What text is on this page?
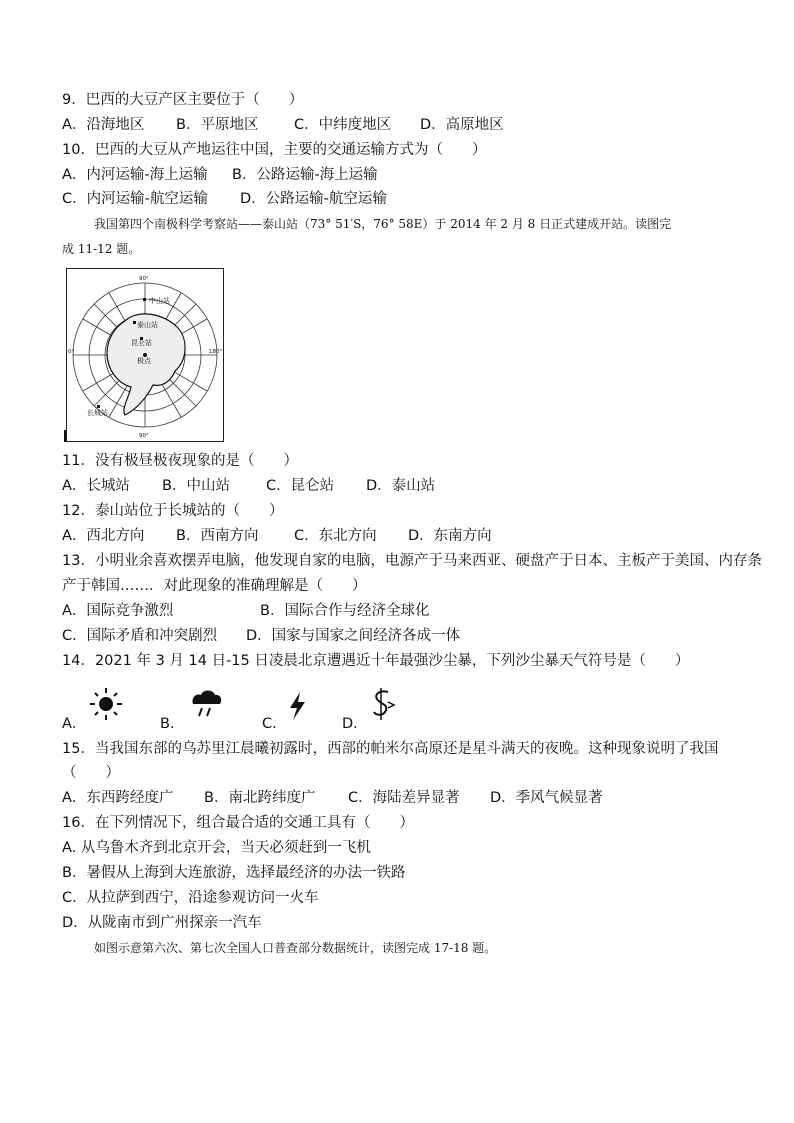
9．巴西的大豆产区主要位于（　　）
A．沿海地区 B．平原地区 C．中纬度地区 D．高原地区
10．巴西的大豆从产地运往中国，主要的交通运输方式为（　　）
A．内河运输-海上运输 B．公路运输-海上运输
C．内河运输-航空运输 D．公路运输-航空运输
我国第四个南极科学考察站——泰山站（73° 51′S，76° 58E）于 2014 年 2 月 8 日正式建成开站。读图完
成 11-12 题。
中山站
泰山站
昆仑站
极点
长城站
90°
180°
0°
90°
11．没有极昼极夜现象的是（　　）
A．长城站 B．中山站 C．昆仑站 D．泰山站
12．泰山站位于长城站的（　　）
A．西北方向 B．西南方向 C．东北方向 D．东南方向
13．小明业余喜欢摆弄电脑，他发现自家的电脑，电源产于马来西亚、硬盘产于日本、主板产于美国、内存条
产于韩国……．对此现象的准确理解是（　　）
A．国际竞争激烈	B．国际合作与经济全球化
C．国际矛盾和冲突剧烈 D．国家与国家之间经济各成一体
14．2021 年 3 月 14 日-15 日凌晨北京遭遇近十年最强沙尘暴，下列沙尘暴天气符号是（　　）
A．	B．	C．	D．
15．当我国东部的乌苏里江晨曦初露时，西部的帕米尔高原还是星斗满天的夜晚。这种现象说明了我国
（　　）
A．东西跨经度广 B．南北跨纬度广 C．海陆差异显著 D．季风气候显著
16．在下列情况下，组合最合适的交通工具有（　　）
A. 从乌鲁木齐到北京开会，当天必须赶到一飞机
B．暑假从上海到大连旅游，选择最经济的办法一铁路
C．从拉萨到西宁，沿途参观访问一火车
D．从陇南市到广州探亲一汽车
如图示意第六次、第七次全国人口普查部分数据统计，读图完成 17-18 题。
